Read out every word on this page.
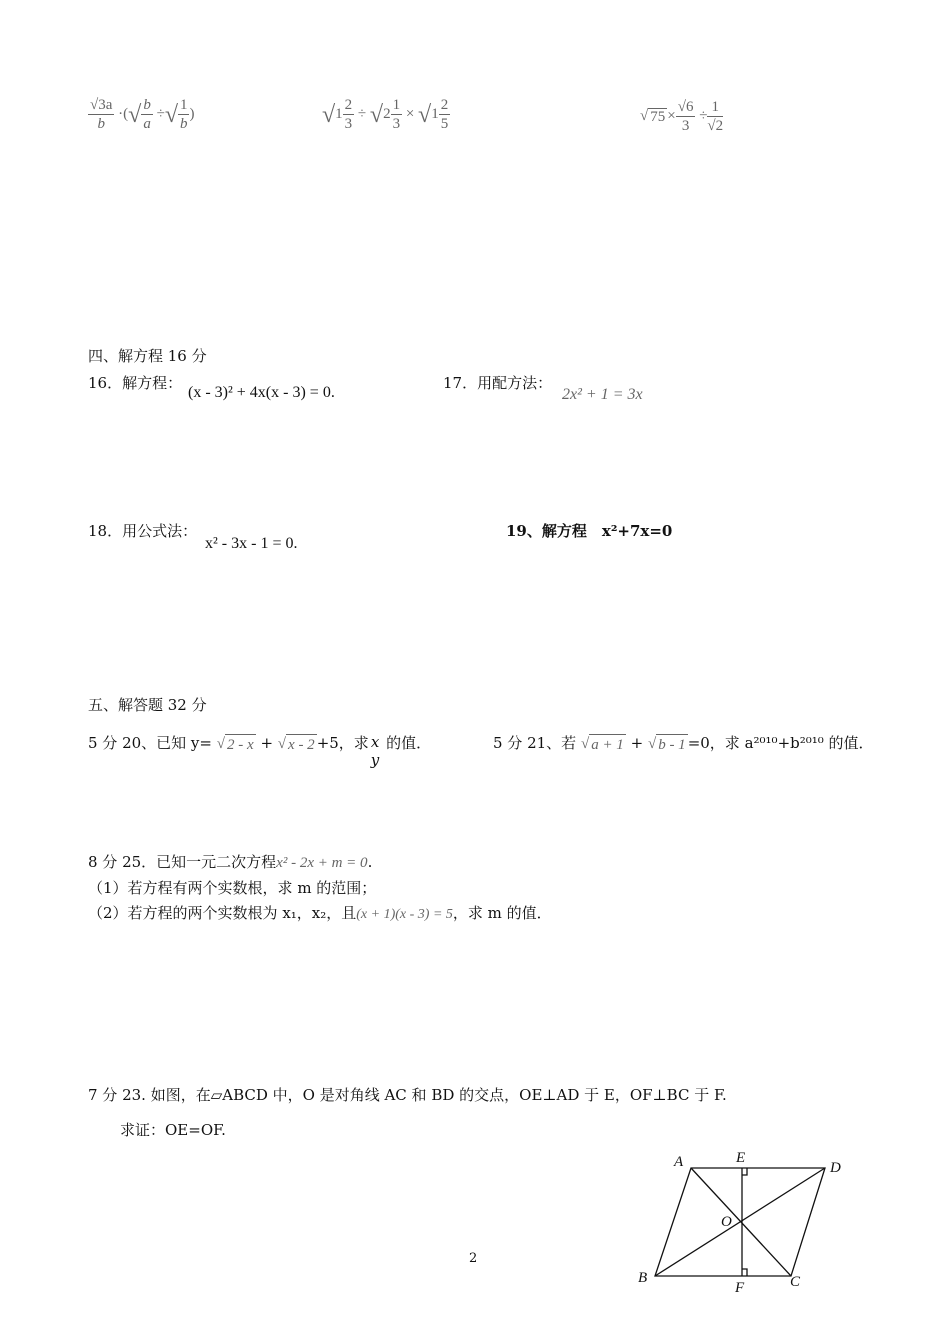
$\frac{√3a}{b}$ ·(√ $\frac{b}{a}$ ÷√ $\frac{1}{b}$ )	$√1 \frac{2}{3} \div √2 \frac{1}{3} \times √1 \frac{2}{5}$	√ $75 \times \frac{√6}{3} \div \frac{1}{√2}$
四、解方程 16 分
16．解方程：
(x - 3)² + 4x(x - 3) = 0.
17．用配方法：
2x² + 1 = 3x
18．用公式法：
x² - 3x - 1 = 0.
19、解方程　x²+7x=0
五、解答题 32 分
5 分 20、已知 y= √ 2 - x + √ x - 2 +5，求 x
y
的值．	5 分 21、若 √ a + 1 + √ b - 1 =0，求 a²⁰¹⁰+b²⁰¹⁰ 的值．
8 分 25．已知一元二次方程x² - 2x + m = 0.
（1）若方程有两个实数根，求 m 的范围；
（2）若方程的两个实数根为 x₁，x₂，且(x + 1)(x - 3) = 5，求 m 的值．
7 分 23. 如图，在▱ABCD 中，O 是对角线 AC 和 BD 的交点，OE⊥AD 于 E，OF⊥BC 于 F.
求证：OE=OF.
A	E
D
O
B
F	C
2
